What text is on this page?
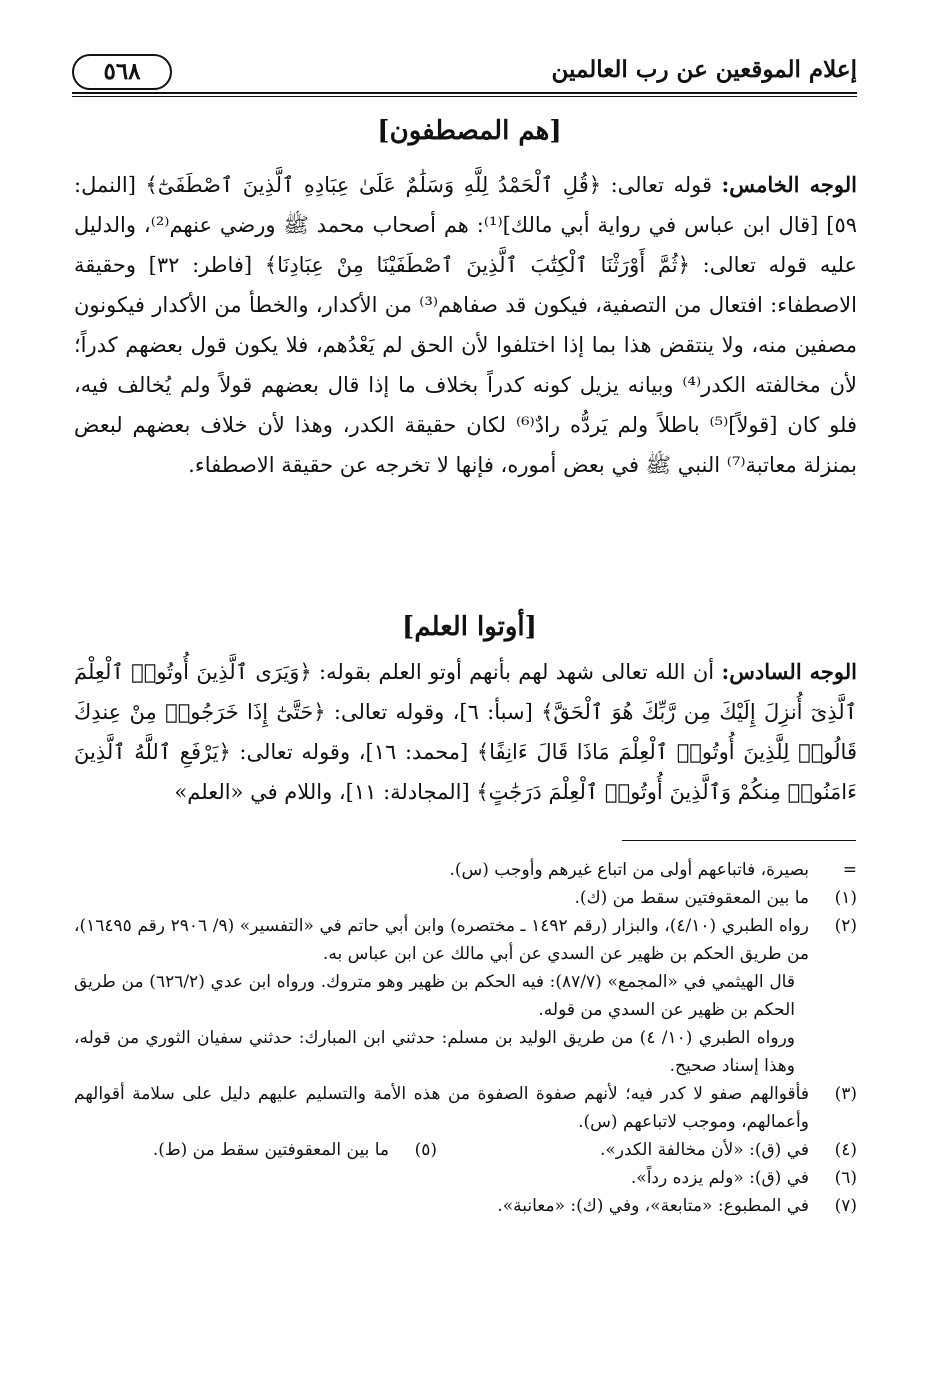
إعلام الموقعين عن رب العالمين
٥٦٨
[هم المصطفون]
الوجه الخامس: قوله تعالى: ﴿قُلِ ٱلْحَمْدُ لِلَّهِ وَسَلَٰمٌ عَلَىٰ عِبَادِهِ ٱلَّذِينَ ٱصْطَفَىٰٓ﴾ [النمل: ٥٩] [قال ابن عباس في رواية أبي مالك]⁽¹⁾: هم أصحاب محمد ﷺ ورضي عنهم⁽²⁾، والدليل عليه قوله تعالى: ﴿ثُمَّ أَوْرَثْنَا ٱلْكِتَٰبَ ٱلَّذِينَ ٱصْطَفَيْنَا مِنْ عِبَادِنَا﴾ [فاطر: ٣٢] وحقيقة الاصطفاء: افتعال من التصفية، فيكون قد صفاهم⁽³⁾ من الأكدار، والخطأ من الأكدار فيكونون مصفين منه، ولا ينتقض هذا بما إذا اختلفوا لأن الحق لم يَعْدُهم، فلا يكون قول بعضهم كدراً؛ لأن مخالفته الكدر⁽⁴⁾ وبيانه يزيل كونه كدراً بخلاف ما إذا قال بعضهم قولاً ولم يُخالف فيه، فلو كان [قولاً]⁽⁵⁾ باطلاً ولم يَردُّه رادٌ⁽⁶⁾ لكان حقيقة الكدر، وهذا لأن خلاف بعضهم لبعض بمنزلة معاتبة⁽⁷⁾ النبي ﷺ في بعض أموره، فإنها لا تخرجه عن حقيقة الاصطفاء.
[أوتوا العلم]
الوجه السادس: أن الله تعالى شهد لهم بأنهم أوتو العلم بقوله: ﴿وَيَرَى ٱلَّذِينَ أُوتُوا۟ ٱلْعِلْمَ ٱلَّذِىٓ أُنزِلَ إِلَيْكَ مِن رَّبِّكَ هُوَ ٱلْحَقَّ﴾ [سبأ: ٦]، وقوله تعالى: ﴿حَتَّىٰٓ إِذَا خَرَجُوا۟ مِنْ عِندِكَ قَالُوا۟ لِلَّذِينَ أُوتُوا۟ ٱلْعِلْمَ مَاذَا قَالَ ءَانِفًا﴾ [محمد: ١٦]، وقوله تعالى: ﴿يَرْفَعِ ٱللَّهُ ٱلَّذِينَ ءَامَنُوا۟ مِنكُمْ وَٱلَّذِينَ أُوتُوا۟ ٱلْعِلْمَ دَرَجَٰتٍ﴾ [المجادلة: ١١]، واللام في «العلم»
=
بصيرة، فاتباعهم أولى من اتباع غيرهم وأوجب (س).
(١)
ما بين المعقوفتين سقط من (ك).
(٢)
رواه الطبري (٤/١٠)، والبزار (رقم ١٤٩٢ ـ مختصره) وابن أبي حاتم في «التفسير» (٩/ ٢٩٠٦ رقم ١٦٤٩٥)، من طريق الحكم بن ظهير عن السدي عن أبي مالك عن ابن عباس به.
قال الهيثمي في «المجمع» (٨٧/٧): فيه الحكم بن ظهير وهو متروك. ورواه ابن عدي (٦٢٦/٢) من طريق الحكم بن ظهير عن السدي من قوله.
ورواه الطبري (١٠/ ٤) من طريق الوليد بن مسلم: حدثني ابن المبارك: حدثني سفيان الثوري من قوله، وهذا إسناد صحيح.
(٣)
فأقوالهم صفو لا كدر فيه؛ لأنهم صفوة الصفوة من هذه الأمة والتسليم عليهم دليل على سلامة أقوالهم وأعمالهم، وموجب لاتباعهم (س).
(٤)
في (ق): «لأن مخالفة الكدر».
(٥)
ما بين المعقوفتين سقط من (ط).
(٦)
في (ق): «ولم يزده رداً».
(٧)
في المطبوع: «متابعة»، وفي (ك): «معانبة».
